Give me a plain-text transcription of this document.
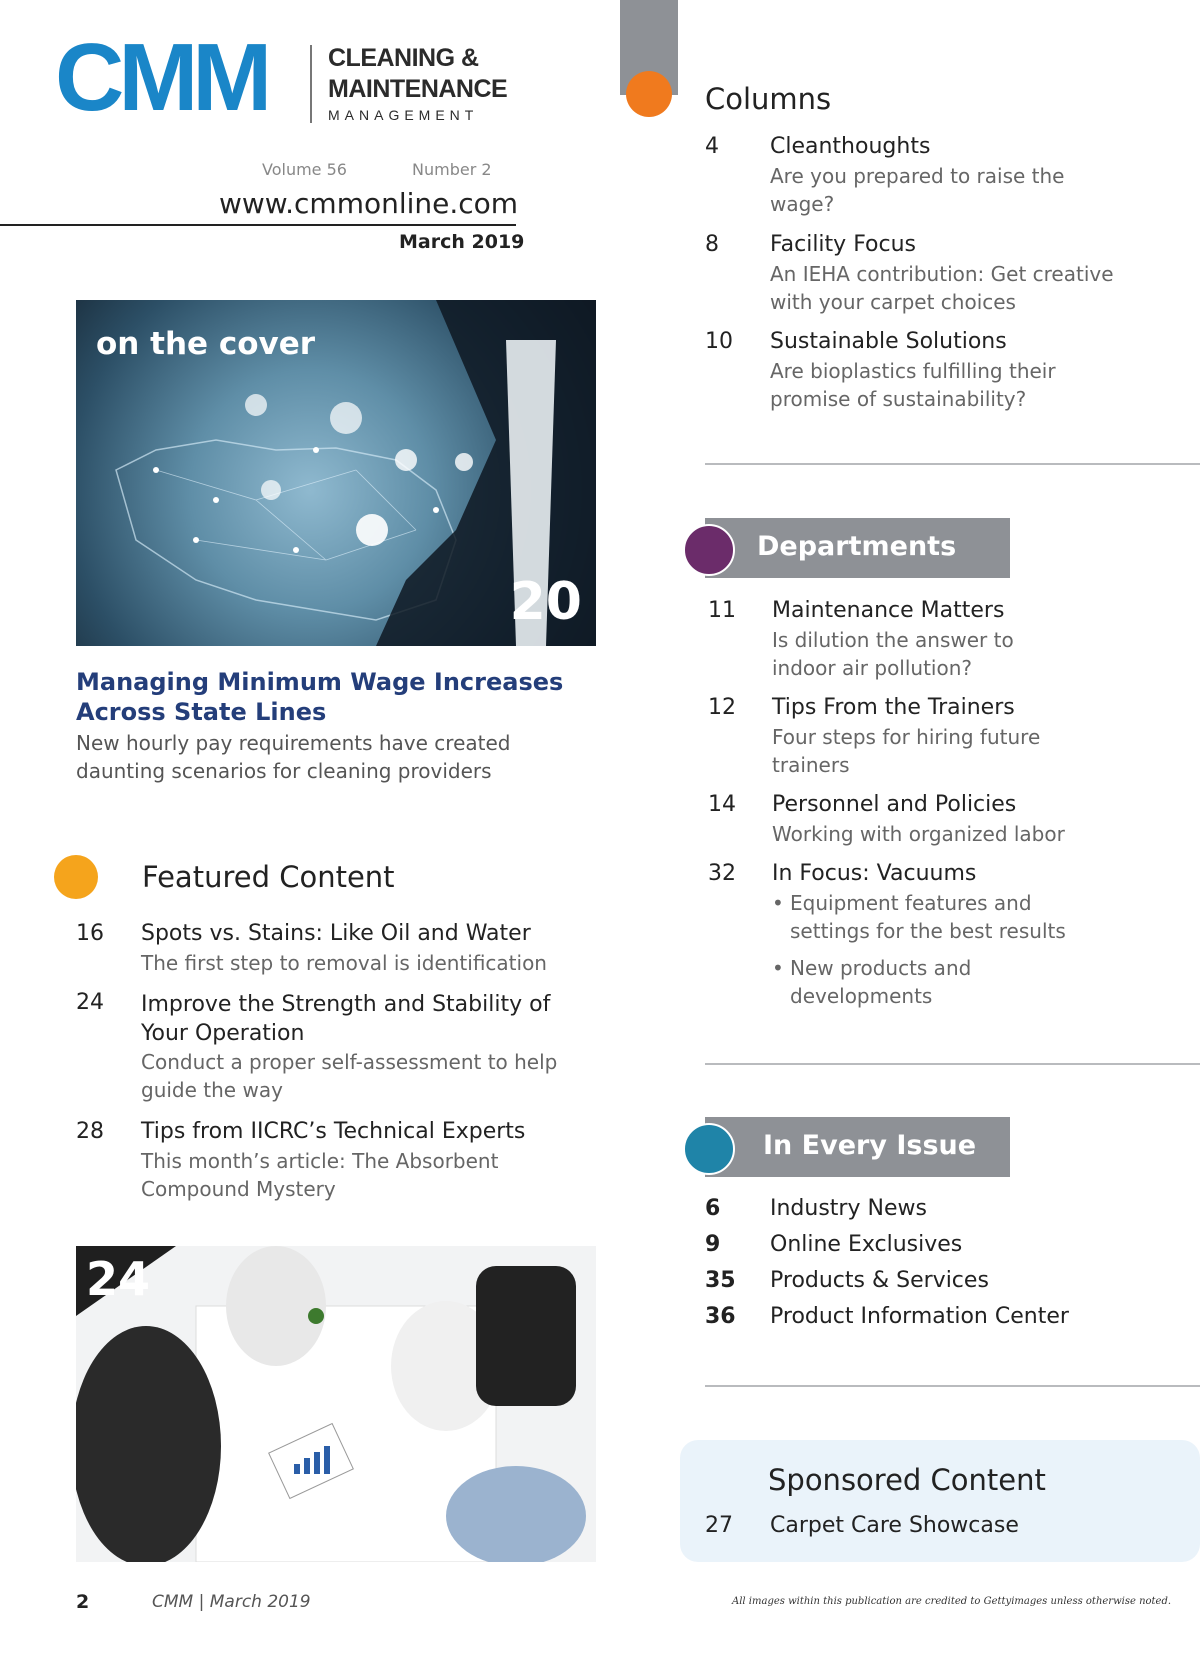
CMM CLEANING &
MAINTENANCE
MANAGEMENT
Volume 56	Number 2
www.cmmonline.com
March 2019
on the cover
20
Managing Minimum Wage Increases Across State Lines
New hourly pay requirements have created daunting scenarios for cleaning providers
Featured Content
16 Spots vs. Stains: Like Oil and Water
The first step to removal is identification
24 Improve the Strength and Stability of Your Operation
Conduct a proper self-assessment to help guide the way
28 Tips from IICRC’s Technical Experts
This month’s article: The Absorbent Compound Mystery
24
2	CMM | March 2019	All images within this publication are credited to Gettyimages unless otherwise noted.
Columns
4 Cleanthoughts
Are you prepared to raise the wage?
8 Facility Focus
An IEHA contribution: Get creative with your carpet choices
10 Sustainable Solutions
Are bioplastics fulfilling their promise of sustainability?
Departments
11 Maintenance Matters
Is dilution the answer to indoor air pollution?
12 Tips From the Trainers
Four steps for hiring future trainers
14 Personnel and Policies
Working with organized labor
32 In Focus: Vacuums
• Equipment features and settings for the best results
• New products and developments
In Every Issue
6 Industry News
9 Online Exclusives
35 Products & Services
36 Product Information Center
Sponsored Content
27 Carpet Care Showcase
